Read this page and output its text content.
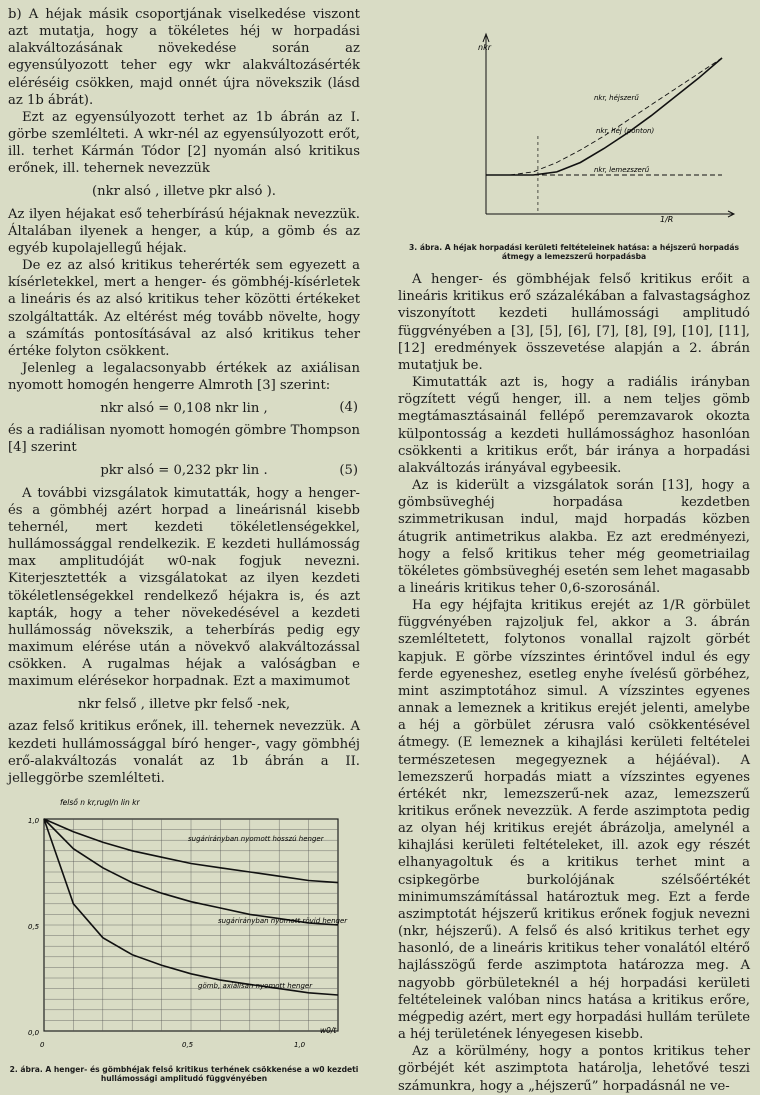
b) A héjak másik csoportjának viselkedése viszont azt mutatja, hogy a tökéletes héj w horpadási alakváltozásának növekedése során az egyensúlyozott teher egy wkr alakváltozásérték eléréséig csökken, majd onnét újra növekszik (lásd az 1b ábrát).

Ezt az egyensúlyozott terhet az 1b ábrán az I. görbe szemlélteti. A wkr-nél az egyensúlyozott erőt, ill. terhet Kármán Tódor [2] nyomán alsó kritikus erőnek, ill. tehernek nevezzük

(nkr alsó , illetve pkr alsó ).

Az ilyen héjakat eső teherbírású héjaknak nevezzük. Általában ilyenek a henger, a kúp, a gömb és az egyéb kupolajellegű héjak.

De ez az alsó kritikus teherérték sem egyezett a kísérletekkel, mert a henger- és gömbhéj-kísérletek a lineáris és az alsó kritikus teher közötti értékeket szolgáltatták. Az eltérést még tovább növelte, hogy a számítás pontosításával az alsó kritikus teher értéke folyton csökkent.

Jelenleg a legalacsonyabb értékek az axiálisan nyomott homogén hengerre Almroth [3] szerint:

nkr alsó = 0,108 nkr lin ,	(4)

és a radiálisan nyomott homogén gömbre Thompson [4] szerint

pkr alsó = 0,232 pkr lin .	(5)

A további vizsgálatok kimutatták, hogy a henger- és a gömbhéj azért horpad a lineárisnál kisebb tehernél, mert kezdeti tökéletlenségekkel, hullámossággal rendelkezik. E kezdeti hullámosság max amplitudóját w0-nak fogjuk nevezni. Kiterjesztették a vizsgálatokat az ilyen kezdeti tökéletlenségekkel rendelkező héjakra is, és azt kapták, hogy a teher növekedésével a kezdeti hullámosság növekszik, a teherbírás pedig egy maximum elérése után a növekvő alakváltozással csökken. A rugalmas héjak a valóságban e maximum elérésekor horpadnak. Ezt a maximumot

nkr felső , illetve pkr felső -nek,

azaz felső kritikus erőnek, ill. tehernek nevezzük. A kezdeti hullámossággal bíró henger-, vagy gömbhéj erő-alakváltozás vonalát az 1b ábrán a II. jelleggörbe szemlélteti.

felső n kr,rugl/n lin kr
1,0
0,5
0,0
0	0,5	1,0
w0/t
sugárirányban nyomott hosszú henger
sugárirányban nyomott rövid henger
gömb, axiálisan nyomott henger
2. ábra. A henger- és gömbhéjak felső kritikus terhének csökkenése a w0 kezdeti hullámossági amplitudó függvényében
nkr
1/R
nkr, héjszerű
nkr, héj (ponton)
nkr, lemezszerű
3. ábra. A héjak horpadási kerületi feltételeinek hatása: a héjszerű horpadás átmegy a lemezszerű horpadásba

A henger- és gömbhéjak felső kritikus erőit a lineáris kritikus erő százalékában a falvastagsághoz viszonyított kezdeti hullámossági amplitudó függvényében a [3], [5], [6], [7], [8], [9], [10], [11], [12] eredmények összevetése alapján a 2. ábrán mutatjuk be.

Kimutatták azt is, hogy a radiális irányban rögzített végű henger, ill. a nem teljes gömb megtámasztásainál fellépő peremzavarok okozta külpontosság a kezdeti hullámossághoz hasonlóan csökkenti a kritikus erőt, bár iránya a horpadási alakváltozás irányával egybeesik.

Az is kiderült a vizsgálatok során [13], hogy a gömbsüveghéj horpadása kezdetben szimmetrikusan indul, majd horpadás közben átugrik antimetrikus alakba. Ez azt eredményezi, hogy a felső kritikus teher még geometriailag tökéletes gömbsüveghéj esetén sem lehet magasabb a lineáris kritikus teher 0,6-szorosánál.

Ha egy héjfajta kritikus erejét az 1/R görbület függvényében rajzoljuk fel, akkor a 3. ábrán szemléltetett, folytonos vonallal rajzolt görbét kapjuk. E görbe vízszintes érintővel indul és egy ferde egyeneshez, esetleg enyhe ívelésű görbéhez, mint aszimptotához simul. A vízszintes egyenes annak a lemeznek a kritikus erejét jelenti, amelybe a héj a görbület zérusra való csökkentésével átmegy. (E lemeznek a kihajlási kerületi feltételei természetesen megegyeznek a héjáéval). A lemezszerű horpadás miatt a vízszintes egyenes értékét nkr, lemezszerű-nek azaz, lemezszerű kritikus erőnek nevezzük. A ferde aszimptota pedig az olyan héj kritikus erejét ábrázolja, amelynél a kihajlási kerületi feltételeket, ill. azok egy részét elhanyagoltuk és a kritikus terhet mint a csipkegörbe burkolójának szélsőértékét minimumszámítással határoztuk meg. Ezt a ferde aszimptotát héjszerű kritikus erőnek fogjuk nevezni (nkr, héjszerű). A felső és alsó kritikus terhet egy hasonló, de a lineáris kritikus teher vonalától eltérő hajlásszögű ferde aszimptota határozza meg. A nagyobb görbületeknél a héj horpadási kerületi feltételeinek valóban nincs hatása a kritikus erőre, mégpedig azért, mert egy horpadási hullám területe a héj területének lényegesen kisebb.

Az a körülmény, hogy a pontos kritikus teher görbéjét két aszimptota határolja, lehetővé teszi számunkra, hogy a „héjszerű” horpadásnál ne ve-
